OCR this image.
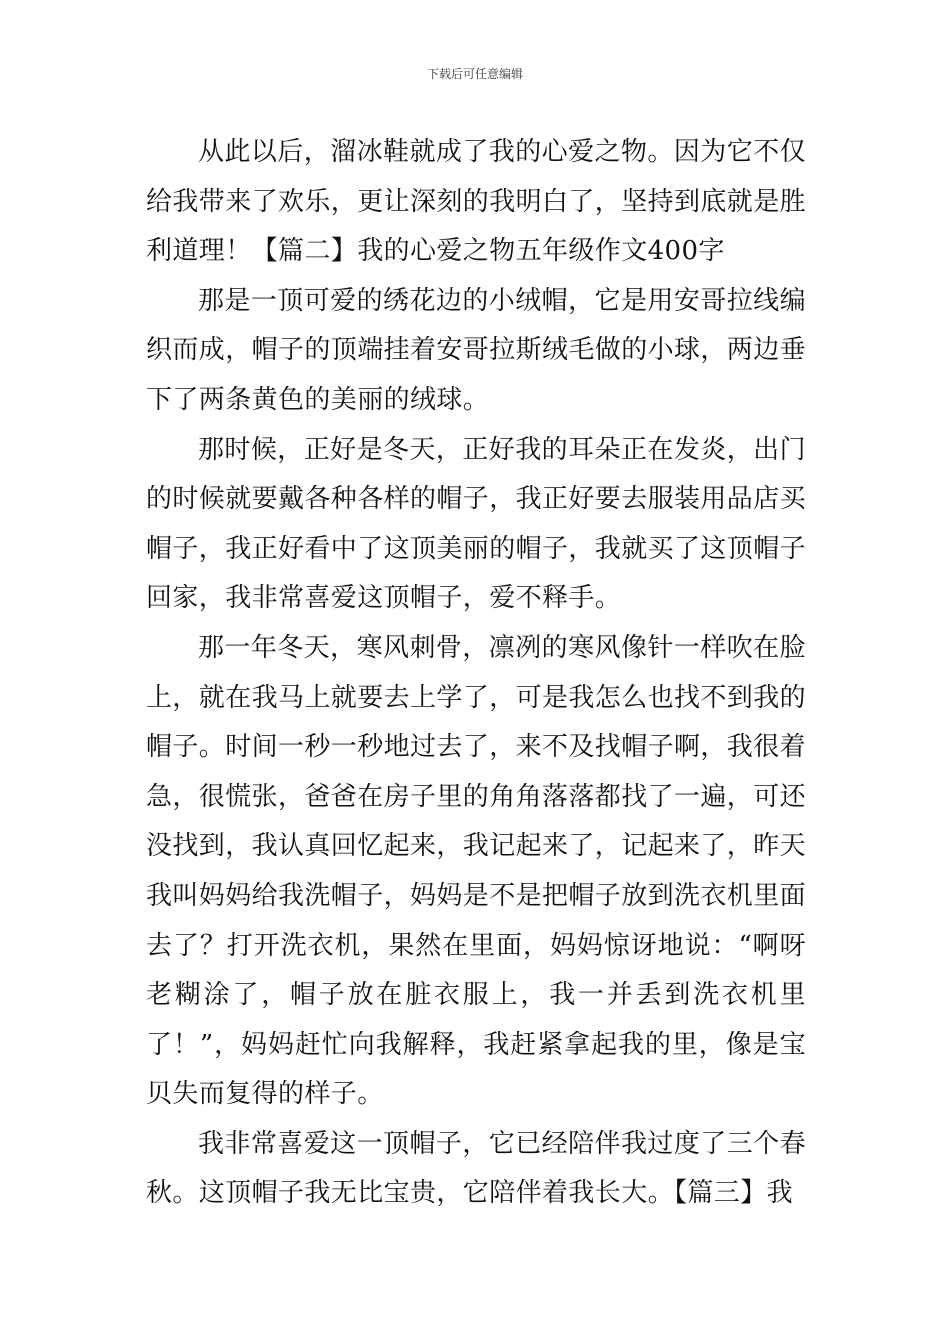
下载后可任意编辑

从此以后，溜冰鞋就成了我的心爱之物。因为它不仅给我带来了欢乐，更让深刻的我明白了，坚持到底就是胜利道理！【篇二】我的心爱之物五年级作文400字

那是一顶可爱的绣花边的小绒帽，它是用安哥拉线编织而成，帽子的顶端挂着安哥拉斯绒毛做的小球，两边垂下了两条黄色的美丽的绒球。

那时候，正好是冬天，正好我的耳朵正在发炎，出门的时候就要戴各种各样的帽子，我正好要去服装用品店买帽子，我正好看中了这顶美丽的帽子，我就买了这顶帽子回家，我非常喜爱这顶帽子，爱不释手。

那一年冬天，寒风刺骨，凛冽的寒风像针一样吹在脸上，就在我马上就要去上学了，可是我怎么也找不到我的帽子。时间一秒一秒地过去了，来不及找帽子啊，我很着急，很慌张，爸爸在房子里的角角落落都找了一遍，可还没找到，我认真回忆起来，我记起来了，记起来了，昨天我叫妈妈给我洗帽子，妈妈是不是把帽子放到洗衣机里面去了？打开洗衣机，果然在里面，妈妈惊讶地说：“啊呀老糊涂了，帽子放在脏衣服上，我一并丢到洗衣机里了！”，妈妈赶忙向我解释，我赶紧拿起我的里，像是宝贝失而复得的样子。

我非常喜爱这一顶帽子，它已经陪伴我过度了三个春秋。这顶帽子我无比宝贵，它陪伴着我长大。【篇三】我
